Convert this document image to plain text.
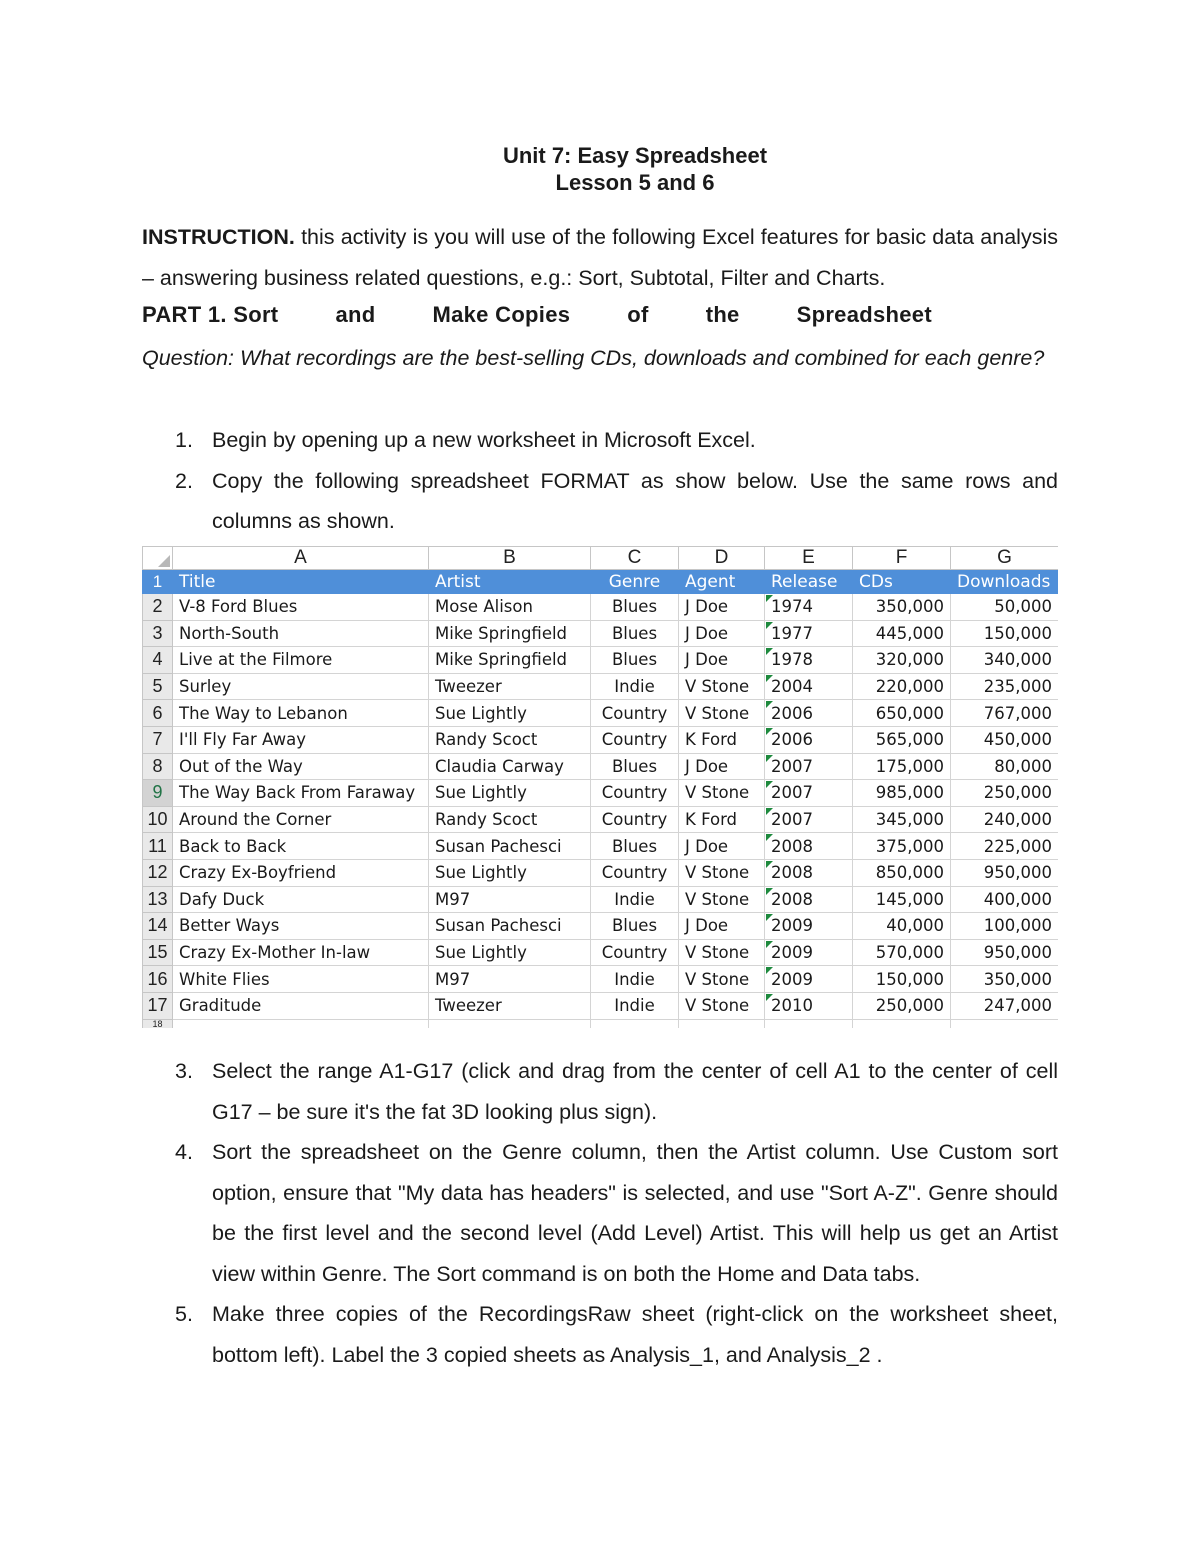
Unit 7: Easy Spreadsheet
Lesson 5 and 6
INSTRUCTION. this activity is you will use of the following Excel features for basic data analysis – answering business related questions, e.g.: Sort, Subtotal, Filter and Charts.
PART 1. Sort	and	Make Copies	of	the	Spreadsheet
Question: What recordings are the best-selling CDs, downloads and combined for each genre?
1. Begin by opening up a new worksheet in Microsoft Excel.
2. Copy the following spreadsheet FORMAT as show below. Use the same rows and columns as shown.
	A	B	C	D	E	F	G
1	Title	Artist	Genre	Agent	Release	CDs	Downloads
2	V-8 Ford Blues	Mose Alison	Blues	J Doe	1974	350,000	50,000
3	North-South	Mike Springfield	Blues	J Doe	1977	445,000	150,000
4	Live at the Filmore	Mike Springfield	Blues	J Doe	1978	320,000	340,000
5	Surley	Tweezer	Indie	V Stone	2004	220,000	235,000
6	The Way to Lebanon	Sue Lightly	Country	V Stone	2006	650,000	767,000
7	I'll Fly Far Away	Randy Scoct	Country	K Ford	2006	565,000	450,000
8	Out of the Way	Claudia Carway	Blues	J Doe	2007	175,000	80,000
9	The Way Back From Faraway	Sue Lightly	Country	V Stone	2007	985,000	250,000
10	Around the Corner	Randy Scoct	Country	K Ford	2007	345,000	240,000
11	Back to Back	Susan Pachesci	Blues	J Doe	2008	375,000	225,000
12	Crazy Ex-Boyfriend	Sue Lightly	Country	V Stone	2008	850,000	950,000
13	Dafy Duck	M97	Indie	V Stone	2008	145,000	400,000
14	Better Ways	Susan Pachesci	Blues	J Doe	2009	40,000	100,000
15	Crazy Ex-Mother In-law	Sue Lightly	Country	V Stone	2009	570,000	950,000
16	White Flies	M97	Indie	V Stone	2009	150,000	350,000
17	Graditude	Tweezer	Indie	V Stone	2010	250,000	247,000
18							
3. Select the range A1-G17 (click and drag from the center of cell A1 to the center of cell G17 – be sure it's the fat 3D looking plus sign).
4. Sort the spreadsheet on the Genre column, then the Artist column. Use Custom sort option, ensure that "My data has headers" is selected, and use "Sort A-Z". Genre should be the first level and the second level (Add Level) Artist. This will help us get an Artist view within Genre. The Sort command is on both the Home and Data tabs.
5. Make three copies of the RecordingsRaw sheet (right-click on the worksheet sheet, bottom left). Label the 3 copied sheets as Analysis_1, and Analysis_2 .
